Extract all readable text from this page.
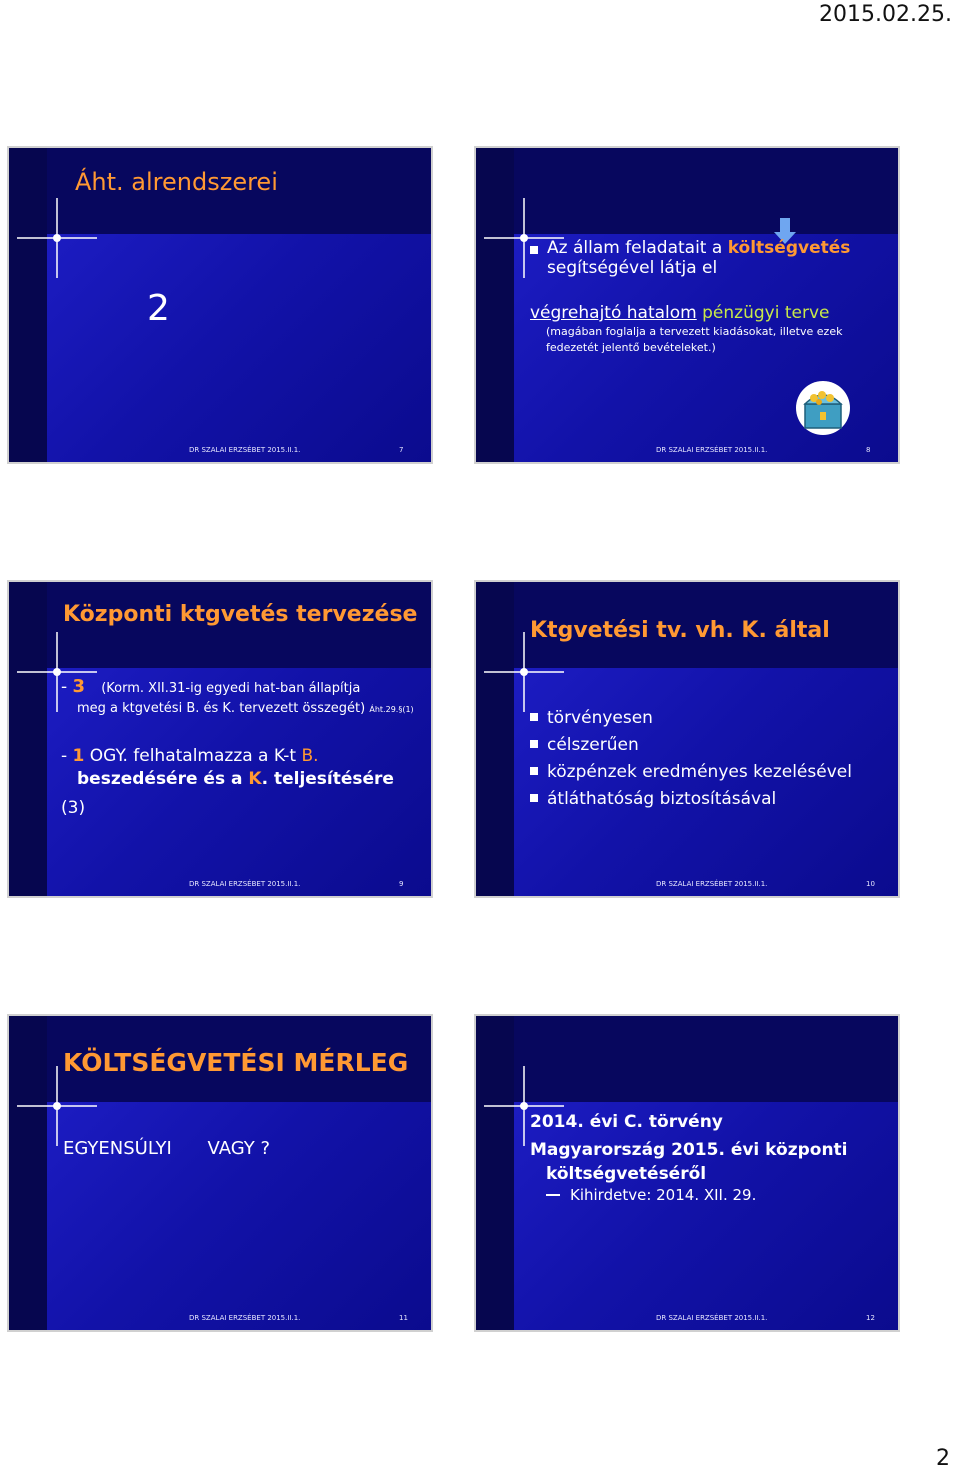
2015.02.25.
Áht. alrendszerei
2
DR SZALAI ERZSÉBET 2015.II.1.	7
Az állam feladatait a költségvetés
segítségével látja el
végrehajtó hatalom pénzügyi terve
(magában foglalja a tervezett kiadásokat, illetve ezek
fedezetét jelentő bevételeket.)
DR SZALAI ERZSÉBET 2015.II.1.	8
Központi ktgvetés tervezése
- 3 (Korm. XII.31-ig egyedi hat-ban állapítja
meg a ktgvetési B. és K. tervezett összegét) Áht.29.§(1)
- 1 OGY. felhatalmazza a K-t B.
beszedésére és a K. teljesítésére
(3)
DR SZALAI ERZSÉBET 2015.II.1.	9
Ktgvetési tv. vh. K. által
törvényesen
célszerűen
közpénzek eredményes kezelésével
átláthatóság biztosításával
DR SZALAI ERZSÉBET 2015.II.1.	10
KÖLTSÉGVETÉSI MÉRLEG
EGYENSÚLYI VAGY ?
DR SZALAI ERZSÉBET 2015.II.1.	11
2014. évi C. törvény
Magyarország 2015. évi központi
költségvetéséről
Kihirdetve: 2014. XII. 29.
DR SZALAI ERZSÉBET 2015.II.1.	12
2
